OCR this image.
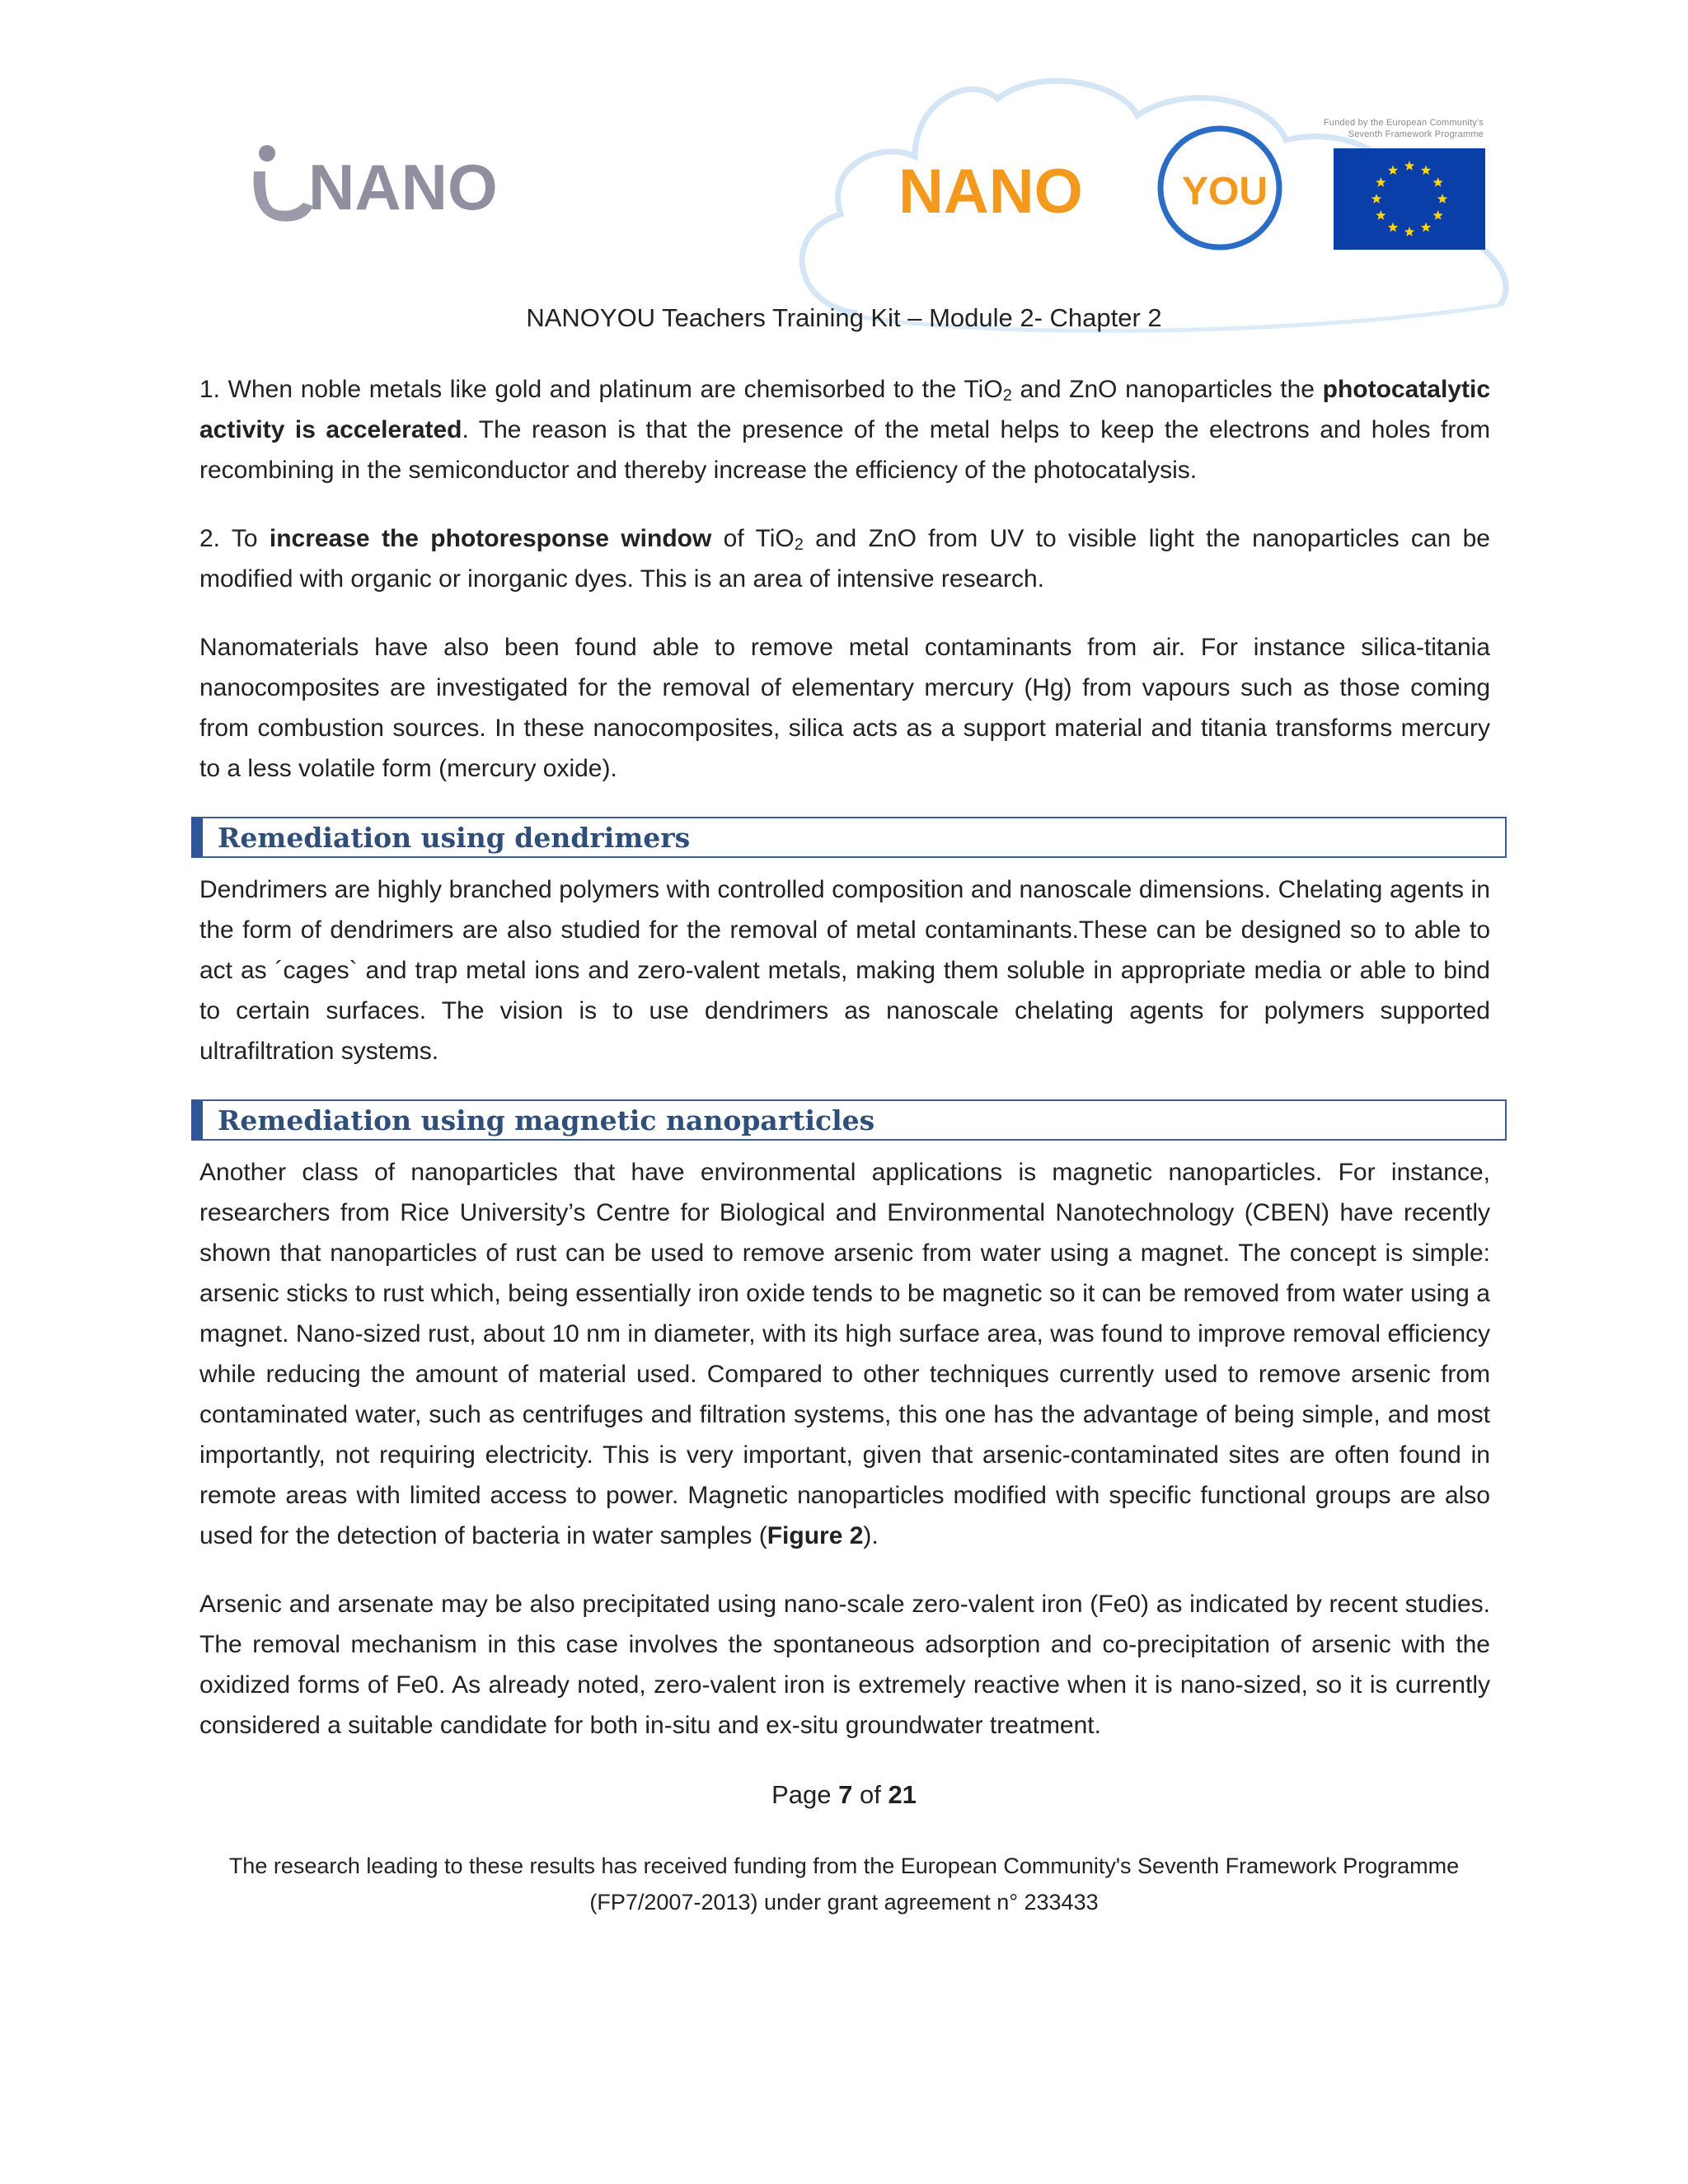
NANO	NANO	YOU
Funded by the European Community's
Seventh Framework Programme
NANOYOU Teachers Training Kit – Module 2- Chapter 2

1. When noble metals like gold and platinum are chemisorbed to the TiO$_2$ and ZnO nanoparticles the photocatalytic activity is accelerated. The reason is that the presence of the metal helps to keep the electrons and holes from recombining in the semiconductor and thereby increase the efficiency of the photocatalysis.

2. To increase the photoresponse window of TiO$_2$ and ZnO from UV to visible light the nanoparticles can be modified with organic or inorganic dyes. This is an area of intensive research.

Nanomaterials have also been found able to remove metal contaminants from air. For instance silica-titania nanocomposites are investigated for the removal of elementary mercury (Hg) from vapours such as those coming from combustion sources. In these nanocomposites, silica acts as a support material and titania transforms mercury to a less volatile form (mercury oxide).

Remediation using dendrimers

Dendrimers are highly branched polymers with controlled composition and nanoscale dimensions. Chelating agents in the form of dendrimers are also studied for the removal of metal contaminants.These can be designed so to able to act as ´cages` and trap metal ions and zero-valent metals, making them soluble in appropriate media or able to bind to certain surfaces. The vision is to use dendrimers as nanoscale chelating agents for polymers supported ultrafiltration systems.

Remediation using magnetic nanoparticles

Another class of nanoparticles that have environmental applications is magnetic nanoparticles. For instance, researchers from Rice University’s Centre for Biological and Environmental Nanotechnology (CBEN) have recently shown that nanoparticles of rust can be used to remove arsenic from water using a magnet. The concept is simple: arsenic sticks to rust which, being essentially iron oxide tends to be magnetic so it can be removed from water using a magnet. Nano-sized rust, about 10 nm in diameter, with its high surface area, was found to improve removal efficiency while reducing the amount of material used. Compared to other techniques currently used to remove arsenic from contaminated water, such as centrifuges and filtration systems, this one has the advantage of being simple, and most importantly, not requiring electricity. This is very important, given that arsenic-contaminated sites are often found in remote areas with limited access to power. Magnetic nanoparticles modified with specific functional groups are also used for the detection of bacteria in water samples (Figure 2).

Arsenic and arsenate may be also precipitated using nano-scale zero-valent iron (Fe0) as indicated by recent studies. The removal mechanism in this case involves the spontaneous adsorption and co-precipitation of arsenic with the oxidized forms of Fe0. As already noted, zero-valent iron is extremely reactive when it is nano-sized, so it is currently considered a suitable candidate for both in-situ and ex-situ groundwater treatment.

Page 7 of 21
The research leading to these results has received funding from the European Community's Seventh Framework Programme
(FP7/2007-2013) under grant agreement n° 233433
